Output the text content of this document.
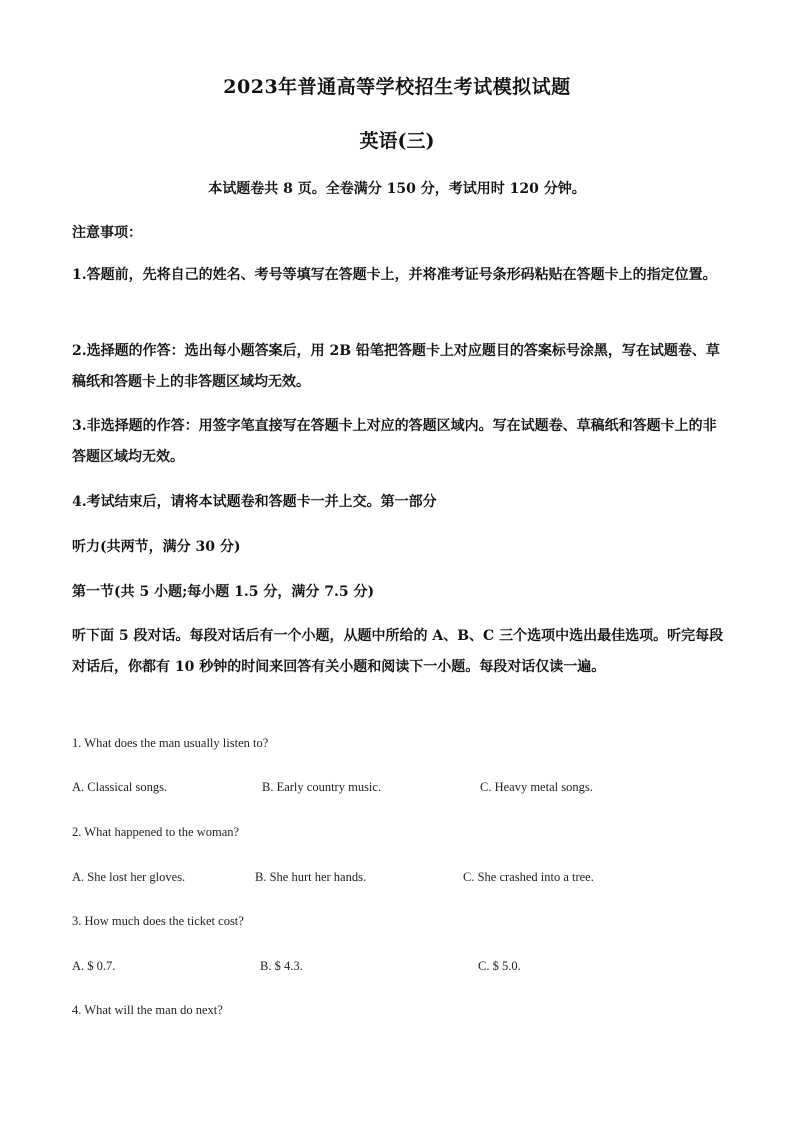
2023年普通高等学校招生考试模拟试题
英语(三)
本试题卷共 8 页。全卷满分 150 分，考试用时 120 分钟。

注意事项：

1.答题前，先将自己的姓名、考号等填写在答题卡上，并将准考证号条形码粘贴在答题卡上的指定位置。

2.选择题的作答：选出每小题答案后，用 2B 铅笔把答题卡上对应题目的答案标号涂黑，写在试题卷、草稿纸和答题卡上的非答题区域均无效。

3.非选择题的作答：用签字笔直接写在答题卡上对应的答题区域内。写在试题卷、草稿纸和答题卡上的非答题区域均无效。

4.考试结束后，请将本试题卷和答题卡一并上交。第一部分

听力(共两节，满分 30 分)

第一节(共 5 小题;每小题 1.5 分，满分 7.5 分)

听下面 5 段对话。每段对话后有一个小题，从题中所给的 A、B、C 三个选项中选出最佳选项。听完每段对话后，你都有 10 秒钟的时间来回答有关小题和阅读下一小题。每段对话仅读一遍。

1. What does the man usually listen to?

A. Classical songs.	B. Early country music.	C. Heavy metal songs.

2. What happened to the woman?

A. She lost her gloves.	B. She hurt her hands.	C. She crashed into a tree.

3. How much does the ticket cost?

A. $ 0.7.	B. $ 4.3.	C. $ 5.0.

4. What will the man do next?
